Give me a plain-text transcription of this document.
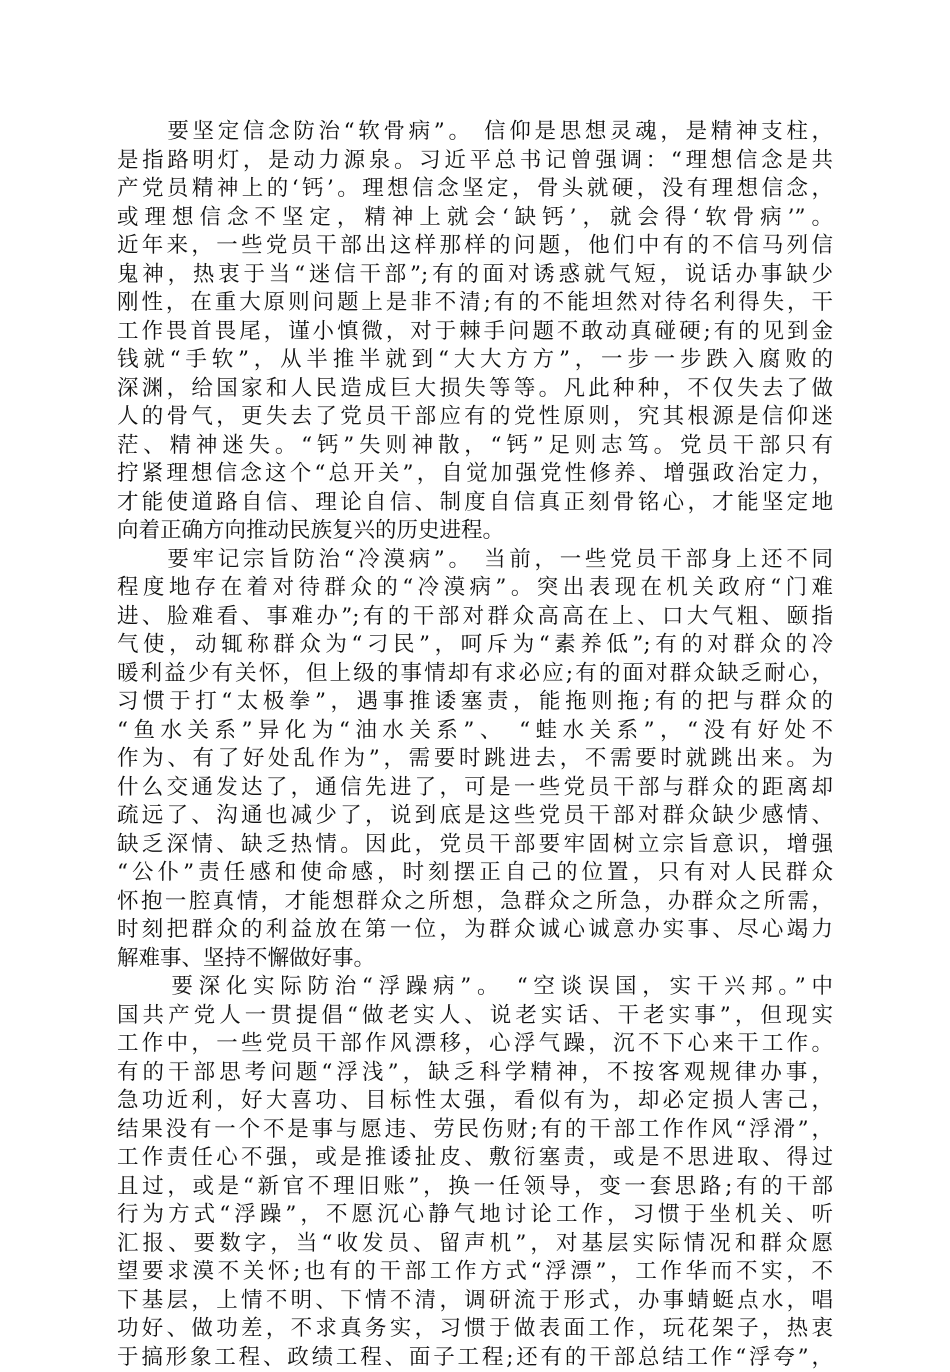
　　要坚定信念防治“软骨病”。 信仰是思想灵魂，是精神支柱，
是指路明灯，是动力源泉。习近平总书记曾强调：“理想信念是共
产党员精神上的‘钙’。理想信念坚定，骨头就硬，没有理想信念，
或理想信念不坚定，精神上就会‘缺钙’，就会得‘软骨病’”。
近年来，一些党员干部出这样那样的问题，他们中有的不信马列信
鬼神，热衷于当“迷信干部”;有的面对诱惑就气短，说话办事缺少
刚性，在重大原则问题上是非不清;有的不能坦然对待名利得失，干
工作畏首畏尾，谨小慎微，对于棘手问题不敢动真碰硬;有的见到金
钱就“手软”，从半推半就到“大大方方”，一步一步跌入腐败的
深渊，给国家和人民造成巨大损失等等。凡此种种，不仅失去了做
人的骨气，更失去了党员干部应有的党性原则，究其根源是信仰迷
茫、精神迷失。“钙”失则神散，“钙”足则志笃。党员干部只有
拧紧理想信念这个“总开关”，自觉加强党性修养、增强政治定力，
才能使道路自信、理论自信、制度自信真正刻骨铭心，才能坚定地
向着正确方向推动民族复兴的历史进程。
　　要牢记宗旨防治“冷漠病”。 当前，一些党员干部身上还不同
程度地存在着对待群众的“冷漠病”。突出表现在机关政府“门难
进、脸难看、事难办”;有的干部对群众高高在上、口大气粗、颐指
气使，动辄称群众为“刁民”，呵斥为“素养低”;有的对群众的冷
暖利益少有关怀，但上级的事情却有求必应;有的面对群众缺乏耐心，
习惯于打“太极拳”，遇事推诿塞责，能拖则拖;有的把与群众的
“鱼水关系”异化为“油水关系”、 “蛙水关系”，“没有好处不
作为、有了好处乱作为”，需要时跳进去，不需要时就跳出来。为
什么交通发达了，通信先进了，可是一些党员干部与群众的距离却
疏远了、沟通也减少了，说到底是这些党员干部对群众缺少感情、
缺乏深情、缺乏热情。因此，党员干部要牢固树立宗旨意识，增强
“公仆”责任感和使命感，时刻摆正自己的位置，只有对人民群众
怀抱一腔真情，才能想群众之所想，急群众之所急，办群众之所需，
时刻把群众的利益放在第一位，为群众诚心诚意办实事、尽心竭力
解难事、坚持不懈做好事。
　　要深化实际防治“浮躁病”。 “空谈误国，实干兴邦。”中
国共产党人一贯提倡“做老实人、说老实话、干老实事”，但现实
工作中，一些党员干部作风漂移，心浮气躁，沉不下心来干工作。
有的干部思考问题“浮浅”，缺乏科学精神，不按客观规律办事，
急功近利，好大喜功、目标性太强，看似有为，却必定损人害己，
结果没有一个不是事与愿违、劳民伤财;有的干部工作作风“浮滑”，
工作责任心不强，或是推诿扯皮、敷衍塞责，或是不思进取、得过
且过，或是“新官不理旧账”，换一任领导，变一套思路;有的干部
行为方式“浮躁”，不愿沉心静气地讨论工作，习惯于坐机关、听
汇报、要数字，当“收发员、留声机”，对基层实际情况和群众愿
望要求漠不关怀;也有的干部工作方式“浮漂”，工作华而不实，不
下基层，上情不明、下情不清，调研流于形式，办事蜻蜓点水，唱
功好、做功差，不求真务实，习惯于做表面工作，玩花架子，热衷
于搞形象工程、政绩工程、面子工程;还有的干部总结工作“浮夸”，
